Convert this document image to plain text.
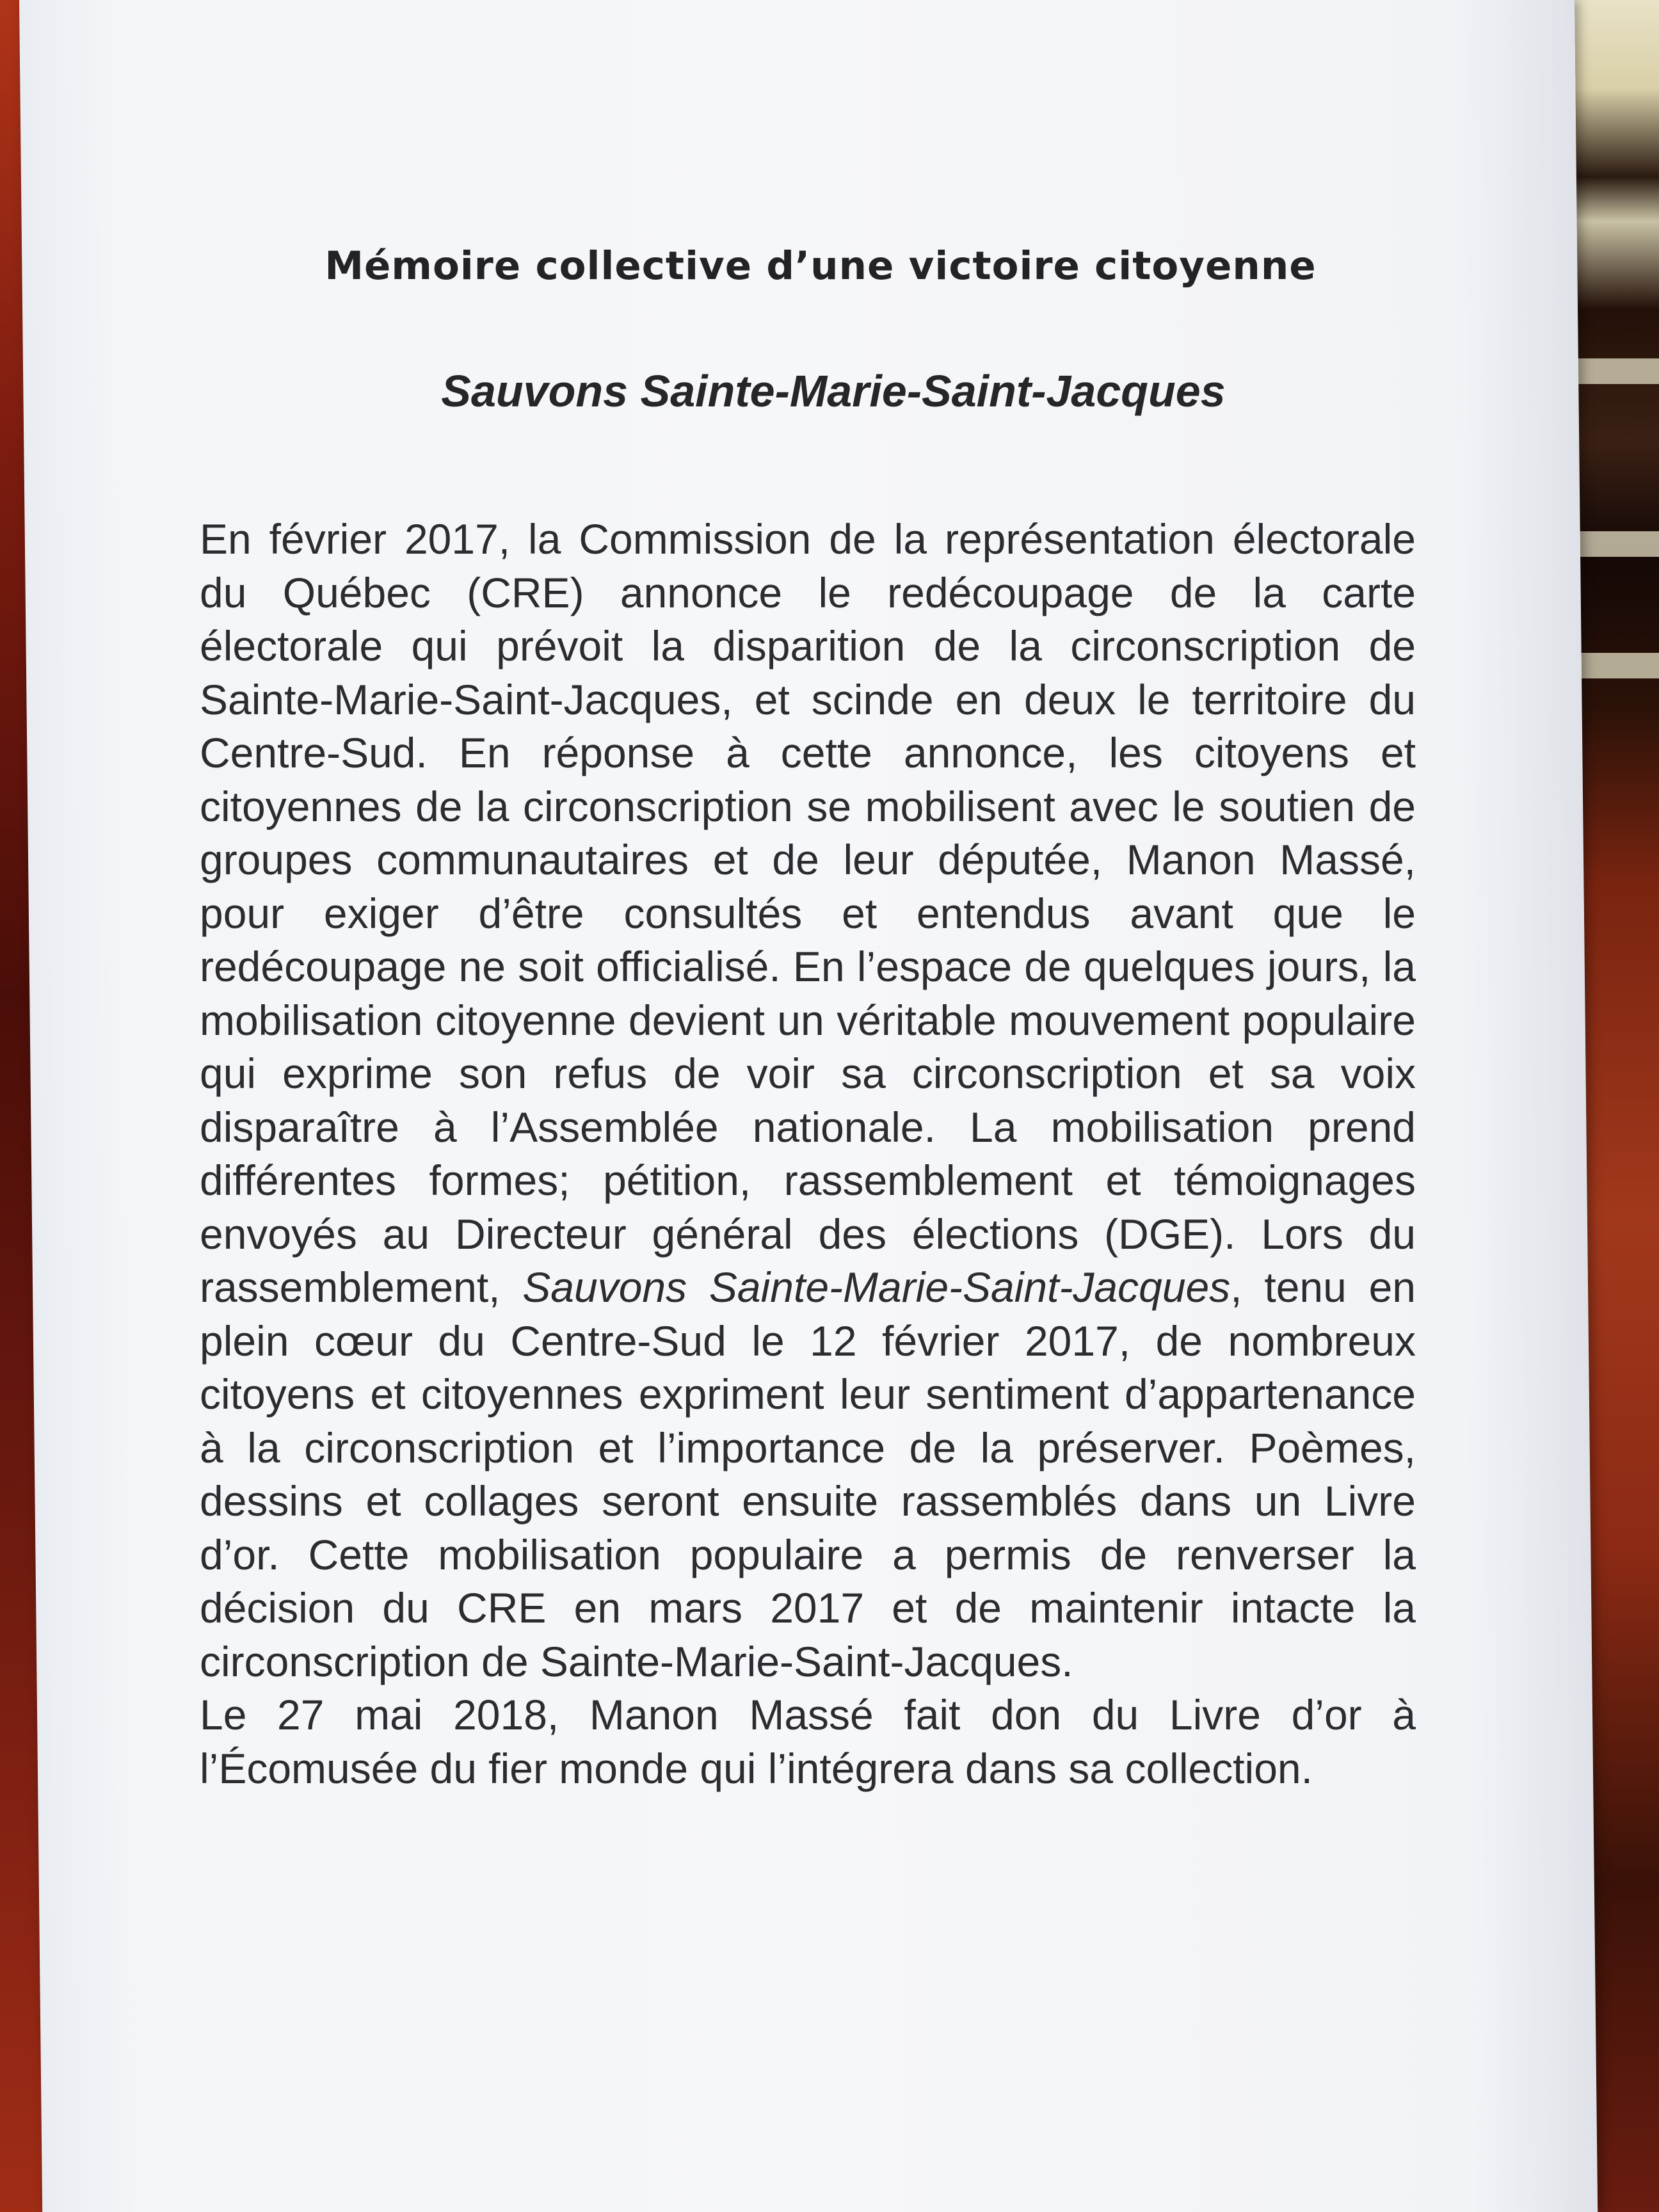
Mémoire collective d’une victoire citoyenne
Sauvons Sainte-Marie-Saint-Jacques

En février 2017, la Commission de la représentation électorale du Québec (CRE) annonce le redécoupage de la carte électorale qui prévoit la disparition de la circonscription de Sainte-Marie-Saint-Jacques, et scinde en deux le territoire du Centre-Sud. En réponse à cette annonce, les citoyens et citoyennes de la circonscription se mobilisent avec le soutien de groupes communautaires et de leur députée, Manon Massé, pour exiger d’être consultés et entendus avant que le redécoupage ne soit officialisé. En l’espace de quelques jours, la mobilisation citoyenne devient un véritable mouvement populaire qui exprime son refus de voir sa circonscription et sa voix disparaître à l’Assemblée nationale. La mobilisation prend différentes formes; pétition, rassemblement et témoignages envoyés au Directeur général des élections (DGE). Lors du rassemblement, Sauvons Sainte-Marie-Saint-Jacques, tenu en plein cœur du Centre-Sud le 12 février 2017, de nombreux citoyens et citoyennes expriment leur sentiment d’appartenance à la circonscription et l’importance de la préserver. Poèmes, dessins et collages seront ensuite rassemblés dans un Livre d’or. Cette mobilisation populaire a permis de renverser la décision du CRE en mars 2017 et de maintenir intacte la circonscription de Sainte-Marie-Saint-Jacques.

Le 27 mai 2018, Manon Massé fait don du Livre d’or à l’Écomusée du fier monde qui l’intégrera dans sa collection.
